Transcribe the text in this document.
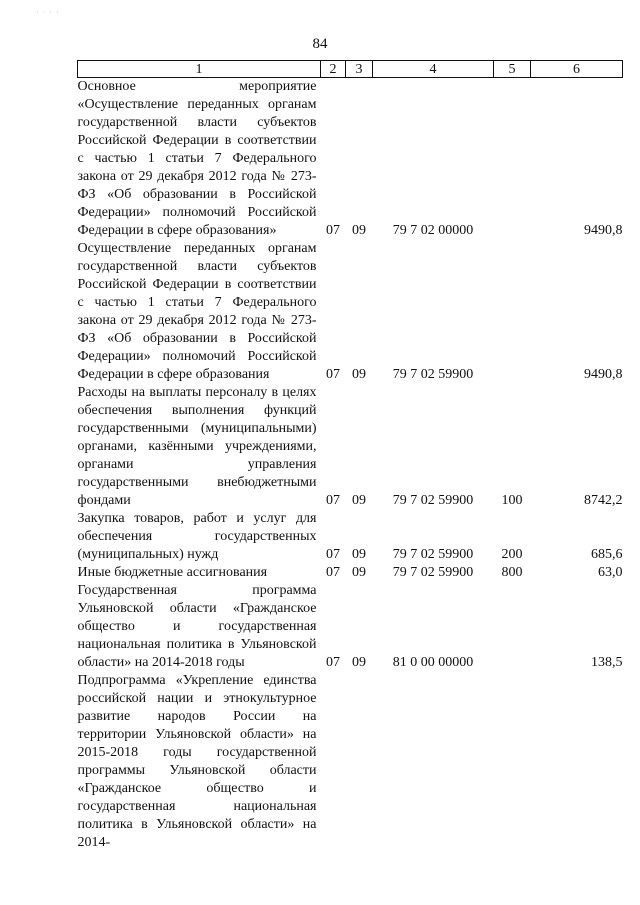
· · · ·
84
1	2	3	4	5	6
Основное мероприятие «Осуществление переданных органам государственной власти субъектов Российской Федерации в соответствии с частью 1 статьи 7 Федерального закона от 29 декабря 2012 года № 273-ФЗ «Об образовании в Российской Федерации» полномочий Российской Федерации в сфере образования»	07	09	79 7 02 00000		9490,8
Осуществление переданных органам государственной власти субъектов Российской Федерации в соответствии с частью 1 статьи 7 Федерального закона от 29 декабря 2012 года № 273-ФЗ «Об образовании в Российской Федерации» полномочий Российской Федерации в сфере образования	07	09	79 7 02 59900		9490,8
Расходы на выплаты персоналу в целях обеспечения выполнения функций государственными (муниципальными) органами, казёнными учреждениями, органами управления государственными внебюджетными фондами	07	09	79 7 02 59900	100	8742,2
Закупка товаров, работ и услуг для обеспечения государственных (муниципальных) нужд	07	09	79 7 02 59900	200	685,6
Иные бюджетные ассигнования	07	09	79 7 02 59900	800	63,0
Государственная программа Ульяновской области «Гражданское общество и государственная национальная политика в Ульяновской области» на 2014-2018 годы	07	09	81 0 00 00000		138,5
Подпрограмма «Укрепление единства российской нации и этнокультурное развитие народов России на территории Ульяновской области» на 2015-2018 годы государственной программы Ульяновской области «Гражданское общество и государственная национальная политика в Ульяновской области» на 2014-					
